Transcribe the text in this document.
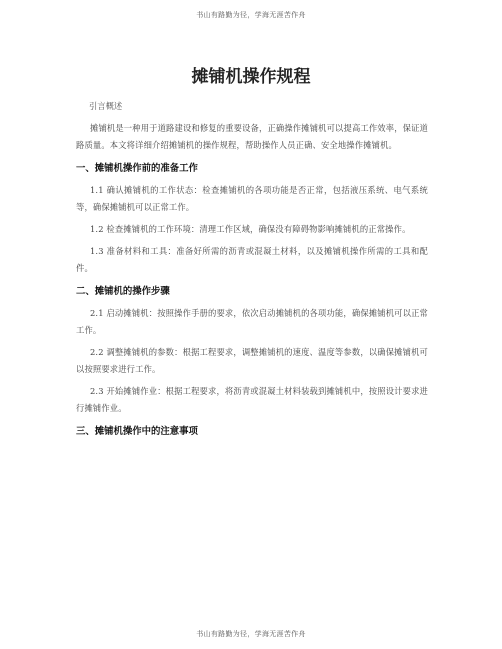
书山有路勤为径，学海无涯苦作舟
摊铺机操作规程
引言概述

摊铺机是一种用于道路建设和修复的重要设备，正确操作摊铺机可以提高工作效率，保证道路质量。本文将详细介绍摊铺机的操作规程，帮助操作人员正确、安全地操作摊铺机。

一、摊铺机操作前的准备工作

1.1 确认摊铺机的工作状态：检查摊铺机的各项功能是否正常，包括液压系统、电气系统等，确保摊铺机可以正常工作。

1.2 检查摊铺机的工作环境：清理工作区域，确保没有障碍物影响摊铺机的正常操作。

1.3 准备材料和工具：准备好所需的沥青或混凝土材料，以及摊铺机操作所需的工具和配件。

二、摊铺机的操作步骤

2.1 启动摊铺机：按照操作手册的要求，依次启动摊铺机的各项功能，确保摊铺机可以正常工作。

2.2 调整摊铺机的参数：根据工程要求，调整摊铺机的速度、温度等参数，以确保摊铺机可以按照要求进行工作。

2.3 开始摊铺作业：根据工程要求，将沥青或混凝土材料装载到摊铺机中，按照设计要求进行摊铺作业。

三、摊铺机操作中的注意事项
书山有路勤为径，学海无涯苦作舟
